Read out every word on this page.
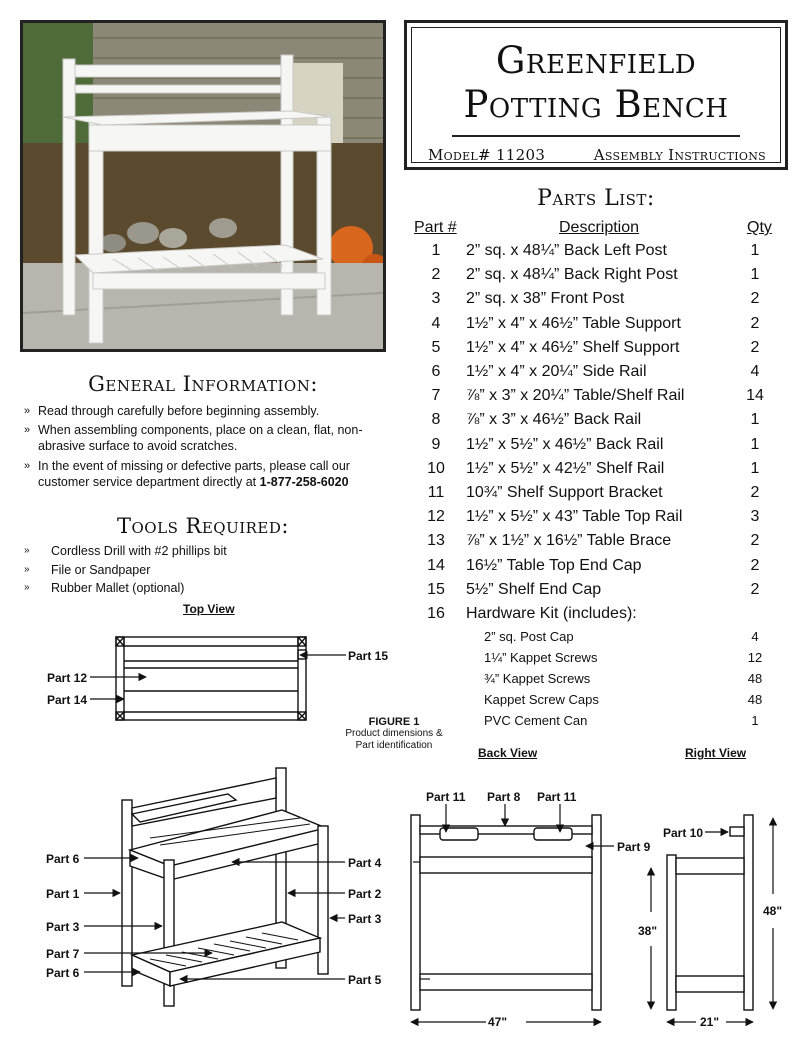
Greenfield
Potting Bench
Model# 11203	Assembly Instructions
Parts List:
Part #	Description	Qty
1	2” sq. x 48¼” Back Left Post	1
2	2” sq. x 48¼” Back Right Post	1
3	2” sq. x 38” Front Post	2
4	1½” x 4” x 46½” Table Support	2
5	1½” x 4” x 46½” Shelf Support	2
6	1½” x 4” x 20¼” Side Rail	4
7	⅞” x 3” x 20¼” Table/Shelf Rail	14
8	⅞” x 3” x 46½” Back Rail	1
9	1½” x 5½” x 46½” Back Rail	1
10	1½” x 5½” x 42½” Shelf Rail	1
11	10¾” Shelf Support Bracket	2
12	1½” x 5½” x 43” Table Top Rail	3
13	⅞” x 1½” x 16½” Table Brace	2
14	16½” Table Top End Cap	2
15	5½” Shelf End Cap	2
16	Hardware Kit (includes):
2” sq. Post Cap	4
1¼” Kappet Screws	12
¾” Kappet Screws	48
Kappet Screw Caps	48
PVC Cement Can	1
General Information:
» Read through carefully before beginning assembly.
» When assembling components, place on a clean, flat, non-abrasive surface to avoid scratches.
» In the event of missing or defective parts, please call our customer service department directly at 1-877-258-6020
Tools Required:
» Cordless Drill with #2 phillips bit
» File or Sandpaper
» Rubber Mallet (optional)
Top View
Part 12
Part 14
Part 15
FIGURE 1
Product dimensions &
Part identification
Part 6
Part 1
Part 3
Part 7
Part 6
Part 4
Part 2
Part 3
Part 5
Back View
Part 11 Part 8 Part 11
Part 9
47"
38"
Right View
Part 10
48"
21"
